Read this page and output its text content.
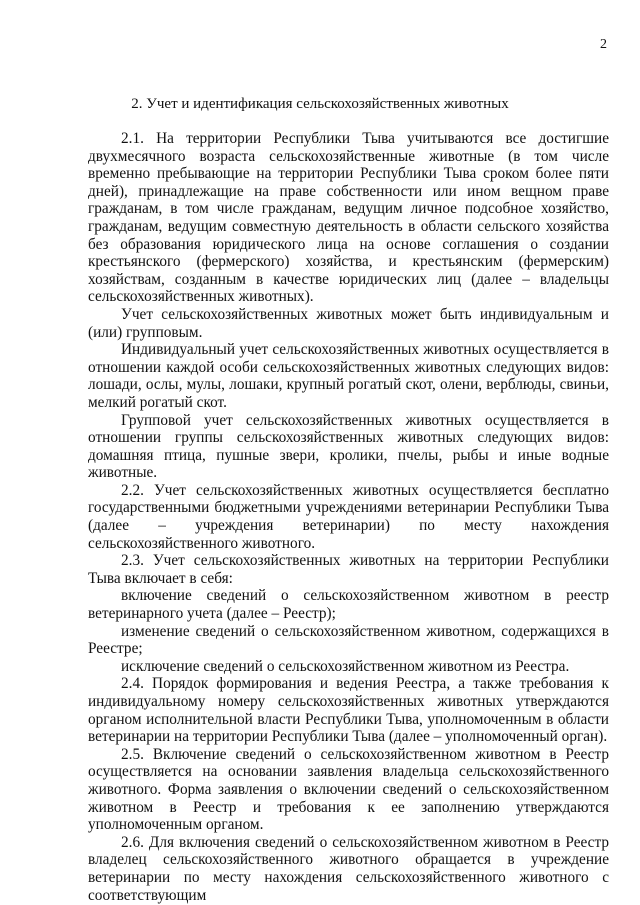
2
2. Учет и идентификация сельскохозяйственных животных

2.1. На территории Республики Тыва учитываются все достигшие двухмесячного возраста сельскохозяйственные животные (в том числе временно пребывающие на территории Республики Тыва сроком более пяти дней), принадлежащие на праве собственности или ином вещном праве гражданам, в том числе гражданам, ведущим личное подсобное хозяйство, гражданам, ведущим совместную деятельность в области сельского хозяйства без образования юридического лица на основе соглашения о создании крестьянского (фермерского) хозяйства, и крестьянским (фермерским) хозяйствам, созданным в качестве юридических лиц (далее – владельцы сельскохозяйственных животных).

Учет сельскохозяйственных животных может быть индивидуальным и (или) групповым.

Индивидуальный учет сельскохозяйственных животных осуществляется в отношении каждой особи сельскохозяйственных животных следующих видов: лошади, ослы, мулы, лошаки, крупный рогатый скот, олени, верблюды, свиньи, мелкий рогатый скот.

Групповой учет сельскохозяйственных животных осуществляется в отношении группы сельскохозяйственных животных следующих видов: домашняя птица, пушные звери, кролики, пчелы, рыбы и иные водные животные.

2.2. Учет сельскохозяйственных животных осуществляется бесплатно государственными бюджетными учреждениями ветеринарии Республики Тыва (далее – учреждения ветеринарии) по месту нахождения сельскохозяйственного животного.

2.3. Учет сельскохозяйственных животных на территории Республики Тыва включает в себя:

включение сведений о сельскохозяйственном животном в реестр ветеринарного учета (далее – Реестр);

изменение сведений о сельскохозяйственном животном, содержащихся в Реестре;

исключение сведений о сельскохозяйственном животном из Реестра.

2.4. Порядок формирования и ведения Реестра, а также требования к индивидуальному номеру сельскохозяйственных животных утверждаются органом исполнительной власти Республики Тыва, уполномоченным в области ветеринарии на территории Республики Тыва (далее – уполномоченный орган).

2.5. Включение сведений о сельскохозяйственном животном в Реестр осуществляется на основании заявления владельца сельскохозяйственного животного. Форма заявления о включении сведений о сельскохозяйственном животном в Реестр и требования к ее заполнению утверждаются уполномоченным органом.

2.6. Для включения сведений о сельскохозяйственном животном в Реестр владелец сельскохозяйственного животного обращается в учреждение ветеринарии по месту нахождения сельскохозяйственного животного с соответствующим
